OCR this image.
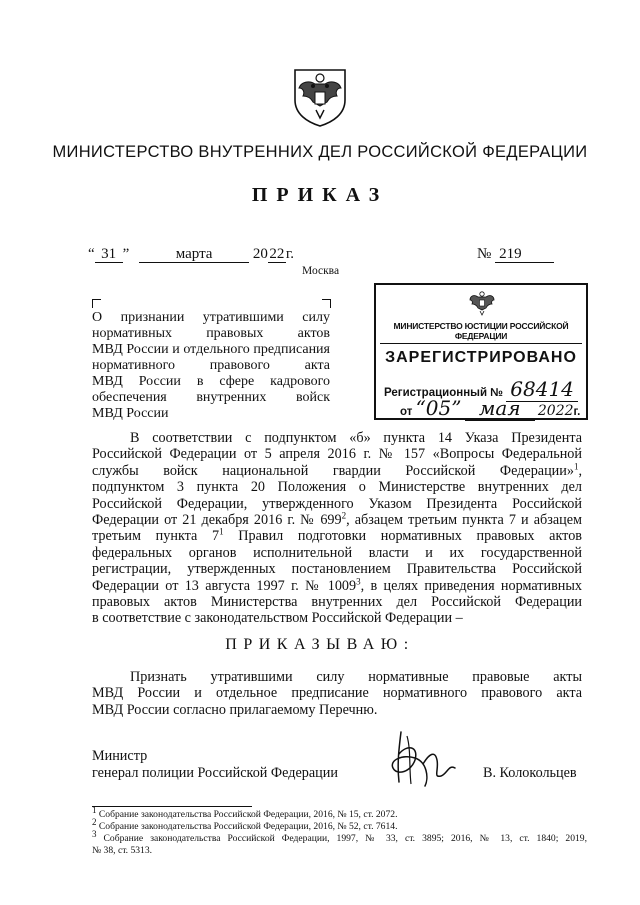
МИНИСТЕРСТВО ВНУТРЕННИХ ДЕЛ РОССИЙСКОЙ ФЕДЕРАЦИИ
ПРИКАЗ
“ 31 ”	марта	20 22 г.	№ 219
Москва
О признании утратившими силу
нормативных правовых актов
МВД России и отдельного предписания
нормативного правового акта
МВД России в сфере кадрового
обеспечения внутренних войск
МВД России
МИНИСТЕРСТВО ЮСТИЦИИ РОССИЙСКОЙ ФЕДЕРАЦИИ
ЗАРЕГИСТРИРОВАНО
Регистрационный № 68414
от “05” мая 2022г.
В соответствии с подпунктом «б» пункта 14 Указа Президента
Российской Федерации от 5 апреля 2016 г. № 157 «Вопросы Федеральной
службы войск национальной гвардии Российской Федерации»$^1$,
подпунктом 3 пункта 20 Положения о Министерстве внутренних дел
Российской Федерации, утвержденного Указом Президента Российской
Федерации от 21 декабря 2016 г. № $699^2$, абзацем третьим пункта 7 и абзацем
третьим пункта $7^1$ Правил подготовки нормативных правовых актов
федеральных органов исполнительной власти и их государственной
регистрации, утвержденных постановлением Правительства Российской
Федерации от 13 августа 1997 г. № 1009$^3$, в целях приведения нормативных
правовых актов Министерства внутренних дел Российской Федерации
в соответствие с законодательством Российской Федерации –
ПРИКАЗЫВАЮ:
Признать утратившими силу нормативные правовые акты
МВД России и отдельное предписание нормативного правового акта
МВД России согласно прилагаемому Перечню.
Министр
генерал полиции Российской Федерации	В. Колокольцев
$^1$ Собрание законодательства Российской Федерации, 2016, № 15, ст. 2072.
$^2$ Собрание законодательства Российской Федерации, 2016, № 52, ст. 7614.
$^3$ Собрание законодательства Российской Федерации, 1997, № 33, ст. 3895; 2016, № 13, ст. 1840; 2019,
№ 38, ст. 5313.
